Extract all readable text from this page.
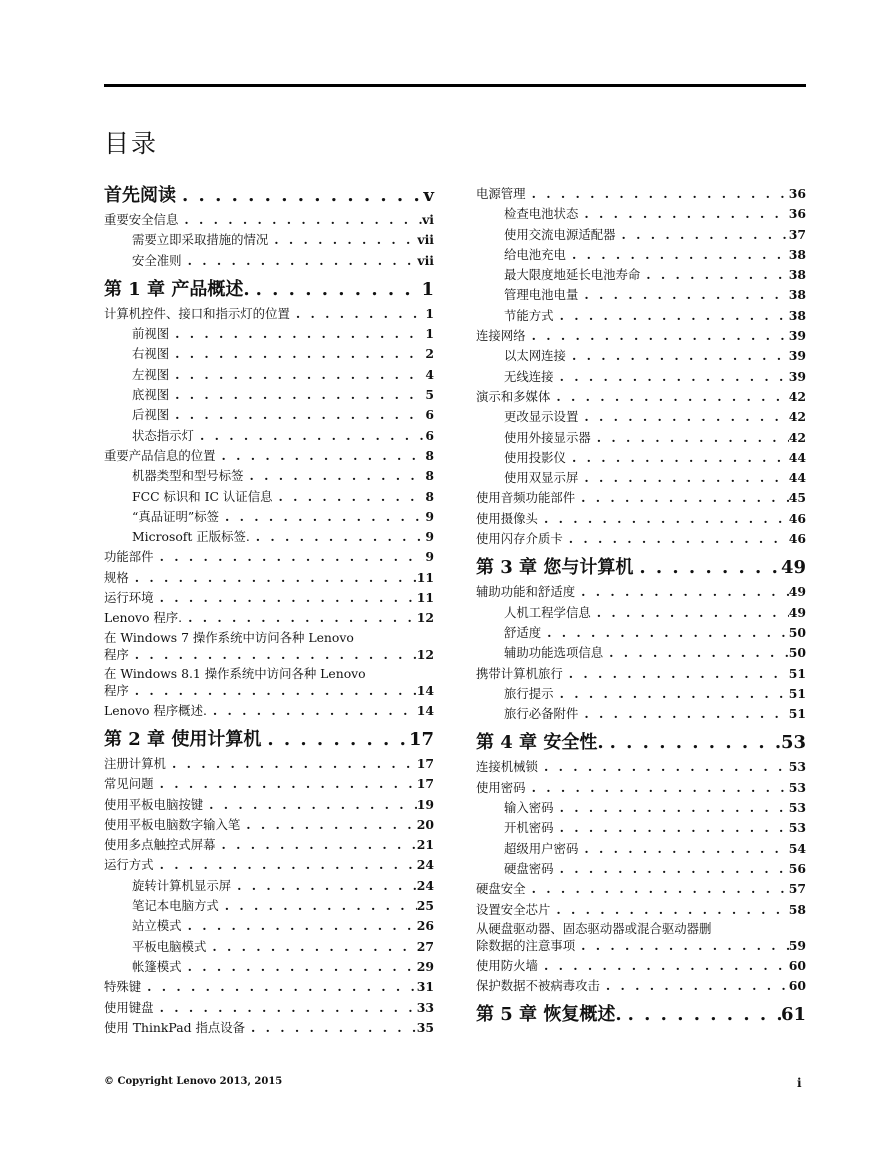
目录
首先阅读 . . .	v
重要安全信息 . . .	vi
需要立即采取措施的情况 . . .	vii
安全准则 . . .	vii
第 1 章 产品概述. . . .	1
计算机控件、接口和指示灯的位置 . . .	1
前视图 . . .	1
右视图 . . .	2
左视图 . . .	4
底视图 . . .	5
后视图 . . .	6
状态指示灯 . . .	6
重要产品信息的位置 . . .	8
机器类型和型号标签 . . .	8
FCC 标识和 IC 认证信息 . . .	8
“真品证明”标签 . . .	9
Microsoft 正版标签. . . .	9
功能部件 . . .	9
规格 . . .	11
运行环境 . . .	11
Lenovo 程序. . . .	12
在 Windows 7 操作系统中访问各种 Lenovo
程序 . . .	12
在 Windows 8.1 操作系统中访问各种 Lenovo
程序 . . .	14
Lenovo 程序概述. . . .	14
第 2 章 使用计算机 . . .	17
注册计算机 . . .	17
常见问题 . . .	17
使用平板电脑按键 . . .	19
使用平板电脑数字输入笔 . . .	20
使用多点触控式屏幕 . . .	21
运行方式 . . .	24
旋转计算机显示屏 . . .	24
笔记本电脑方式 . . .	25
站立模式 . . .	26
平板电脑模式 . . .	27
帐篷模式 . . .	29
特殊键 . . .	31
使用键盘 . . .	33
使用 ThinkPad 指点设备 . . .	35
电源管理 . . .	36
检查电池状态 . . .	36
使用交流电源适配器 . . .	37
给电池充电 . . .	38
最大限度地延长电池寿命 . . .	38
管理电池电量 . . .	38
节能方式 . . .	38
连接网络 . . .	39
以太网连接 . . .	39
无线连接 . . .	39
演示和多媒体 . . .	42
更改显示设置 . . .	42
使用外接显示器 . . .	42
使用投影仪 . . .	44
使用双显示屏 . . .	44
使用音频功能部件 . . .	45
使用摄像头 . . .	46
使用闪存介质卡 . . .	46
第 3 章 您与计算机 . . .	49
辅助功能和舒适度 . . .	49
人机工程学信息 . . .	49
舒适度 . . .	50
辅助功能选项信息 . . .	50
携带计算机旅行 . . .	51
旅行提示 . . .	51
旅行必备附件 . . .	51
第 4 章 安全性. . . .	53
连接机械锁 . . .	53
使用密码 . . .	53
输入密码 . . .	53
开机密码 . . .	53
超级用户密码 . . .	54
硬盘密码 . . .	56
硬盘安全 . . .	57
设置安全芯片 . . .	58
从硬盘驱动器、固态驱动器或混合驱动器删
除数据的注意事项 . . .	59
使用防火墙 . . .	60
保护数据不被病毒攻击 . . .	60
第 5 章 恢复概述. . . .	61
© Copyright Lenovo 2013, 2015	i
